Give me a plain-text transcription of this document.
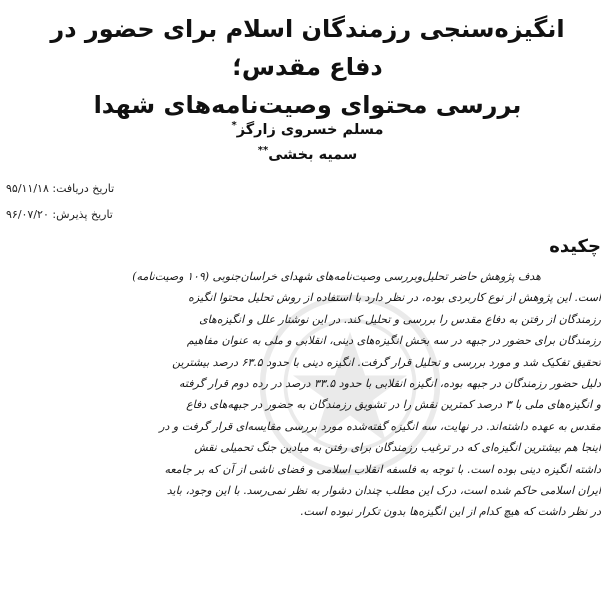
انگیزه‌سنجی رزمندگان اسلام برای حضور در دفاع مقدس؛
بررسی محتوای وصیت‌نامه‌های شهدا
مسلم خسروی زارگز*
سمیه بخشی**
تاریخ دریافت: ۹۵/۱۱/۱۸
تاریخ پذیرش: ۹۶/۰۷/۲۰
چکیده
هدف پژوهش حاضر تحلیل‌وبررسی وصیت‌نامه‌های شهدای خراسان‌جنوبی (۱۰۹ وصیت‌نامه)
است. این پژوهش از نوع کاربردی بوده، در نظر دارد با استفاده از روش تحلیل محتوا انگیزه
رزمندگان از رفتن به دفاع مقدس را بررسی و تحلیل کند. در این نوشتار علل و انگیزه‌های
رزمندگان برای حضور در جبهه در سه بخش انگیزه‌های دینی، انقلابی و ملی به عنوان مفاهیم
تحقیق تفکیک شد و مورد بررسی و تحلیل قرار گرفت. انگیزه دینی با حدود ۶۳.۵ درصد بیشترین
دلیل حضور رزمندگان در جبهه بوده، انگیزه انقلابی با حدود ۳۳.۵ درصد در رده دوم قرار گرفته
و انگیزه‌های ملی با ۳ درصد کمترین نقش را در تشویق رزمندگان به حضور در جبهه‌های دفاع
مقدس به عهده داشته‌اند. در نهایت، سه انگیزه گفته‌شده مورد بررسی مقایسه‌ای قرار گرفت و در
اینجا هم بیشترین انگیزه‌ای که در ترغیب رزمندگان برای رفتن به میادین جنگ تحمیلی نقش
داشته انگیزه دینی بوده است. با توجه به فلسفه انقلاب اسلامی و فضای ناشی از آن که بر جامعه
ایران اسلامی حاکم شده است، درک این مطلب چندان دشوار به نظر نمی‌رسد. با این وجود، باید
در نظر داشت که هیچ کدام از این انگیزه‌ها بدون تکرار نبوده است.
